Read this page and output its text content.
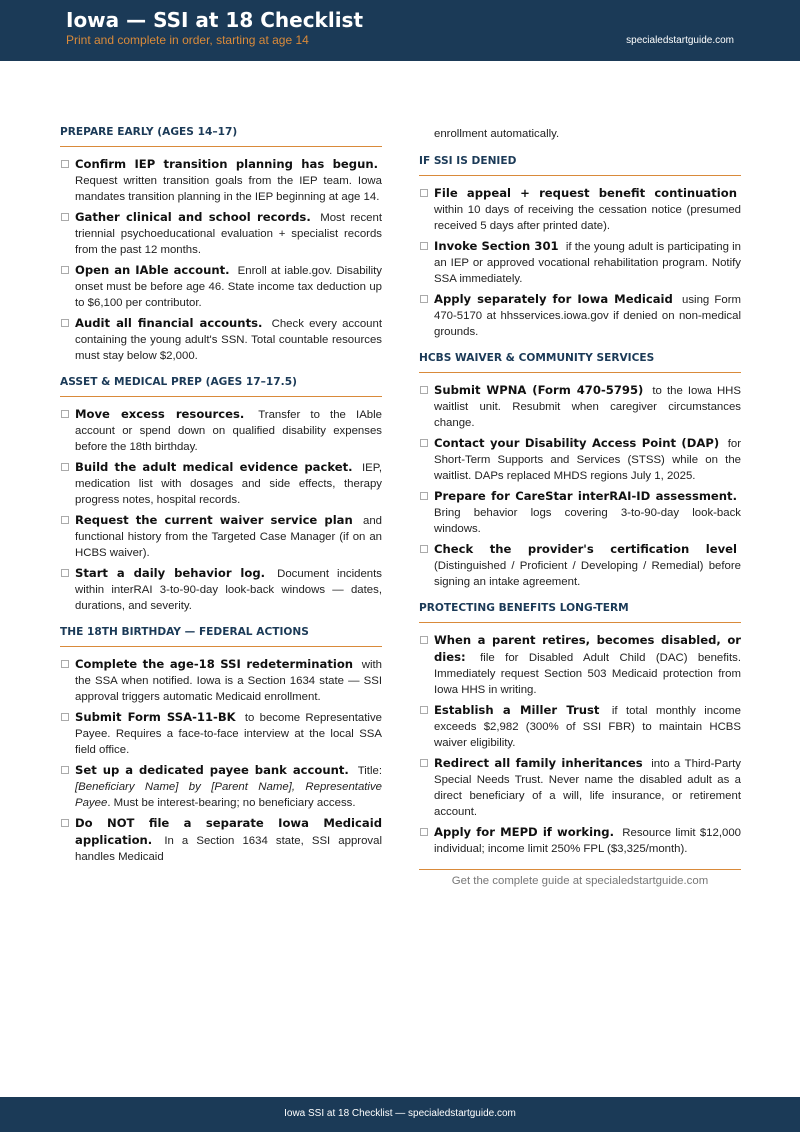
Iowa — SSI at 18 Checklist
Print and complete in order, starting at age 14	specialedstartguide.com
PREPARE EARLY (AGES 14–17)
Confirm IEP transition planning has begun. Request written transition goals from the IEP team. Iowa mandates transition planning in the IEP beginning at age 14.
Gather clinical and school records. Most recent triennial psychoeducational evaluation + specialist records from the past 12 months.
Open an IAble account. Enroll at iable.gov. Disability onset must be before age 46. State income tax deduction up to $6,100 per contributor.
Audit all financial accounts. Check every account containing the young adult's SSN. Total countable resources must stay below $2,000.
ASSET & MEDICAL PREP (AGES 17–17.5)
Move excess resources. Transfer to the IAble account or spend down on qualified disability expenses before the 18th birthday.
Build the adult medical evidence packet. IEP, medication list with dosages and side effects, therapy progress notes, hospital records.
Request the current waiver service plan and functional history from the Targeted Case Manager (if on an HCBS waiver).
Start a daily behavior log. Document incidents within interRAI 3-to-90-day look-back windows — dates, durations, and severity.
THE 18TH BIRTHDAY — FEDERAL ACTIONS
Complete the age-18 SSI redetermination with the SSA when notified. Iowa is a Section 1634 state — SSI approval triggers automatic Medicaid enrollment.
Submit Form SSA-11-BK to become Representative Payee. Requires a face-to-face interview at the local SSA field office.
Set up a dedicated payee bank account. Title: [Beneficiary Name] by [Parent Name], Representative Payee. Must be interest-bearing; no beneficiary access.
Do NOT file a separate Iowa Medicaid application. In a Section 1634 state, SSI approval handles Medicaid
enrollment automatically.
IF SSI IS DENIED
File appeal + request benefit continuation within 10 days of receiving the cessation notice (presumed received 5 days after printed date).
Invoke Section 301 if the young adult is participating in an IEP or approved vocational rehabilitation program. Notify SSA immediately.
Apply separately for Iowa Medicaid using Form 470-5170 at hhsservices.iowa.gov if denied on non-medical grounds.
HCBS WAIVER & COMMUNITY SERVICES
Submit WPNA (Form 470-5795) to the Iowa HHS waitlist unit. Resubmit when caregiver circumstances change.
Contact your Disability Access Point (DAP) for Short-Term Supports and Services (STSS) while on the waitlist. DAPs replaced MHDS regions July 1, 2025.
Prepare for CareStar interRAI-ID assessment. Bring behavior logs covering 3-to-90-day look-back windows.
Check the provider's certification level (Distinguished / Proficient / Developing / Remedial) before signing an intake agreement.
PROTECTING BENEFITS LONG-TERM
When a parent retires, becomes disabled, or dies: file for Disabled Adult Child (DAC) benefits. Immediately request Section 503 Medicaid protection from Iowa HHS in writing.
Establish a Miller Trust if total monthly income exceeds $2,982 (300% of SSI FBR) to maintain HCBS waiver eligibility.
Redirect all family inheritances into a Third-Party Special Needs Trust. Never name the disabled adult as a direct beneficiary of a will, life insurance, or retirement account.
Apply for MEPD if working. Resource limit $12,000 individual; income limit 250% FPL ($3,325/month).
Get the complete guide at specialedstartguide.com
Iowa SSI at 18 Checklist — specialedstartguide.com
